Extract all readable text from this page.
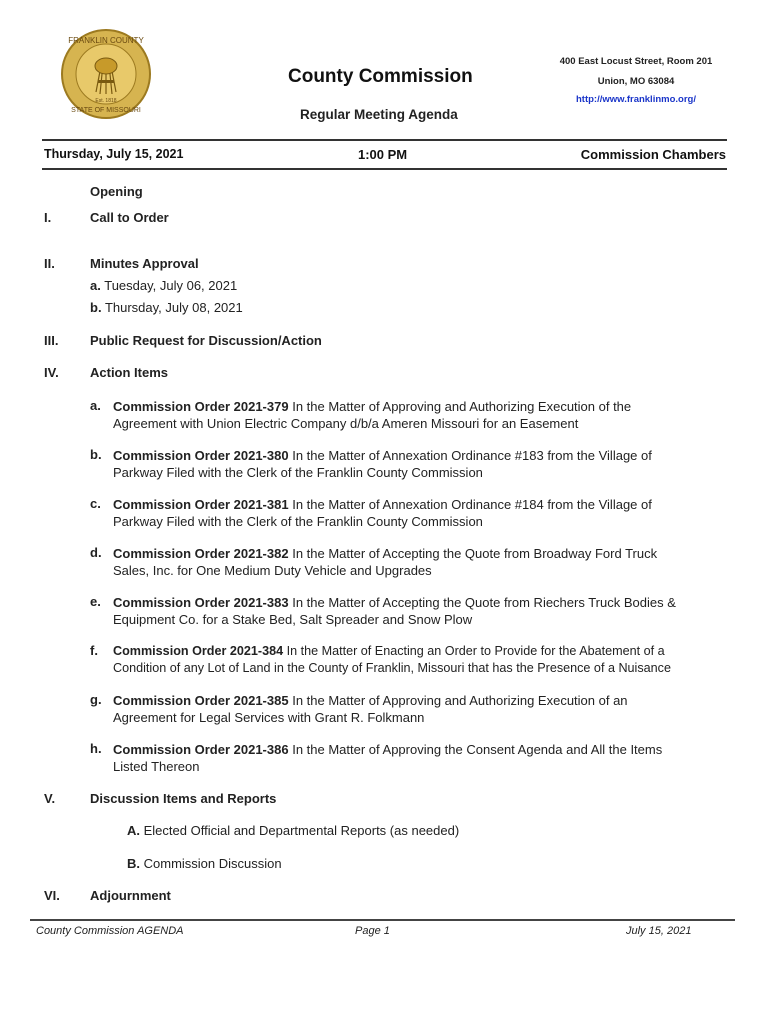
FRANKLIN COUNTY
STATE OF MISSOURI
Est. 1818
County Commission
Regular Meeting Agenda
400 East Locust Street, Room 201
Union, MO 63084
http://www.franklinmo.org/
Thursday, July 15, 2021	1:00 PM	Commission Chambers
Opening
I.	Call to Order
II.	Minutes Approval
a. Tuesday, July 06, 2021
b. Thursday, July 08, 2021
III. Public Request for Discussion/Action
IV. Action Items
a. Commission Order 2021-379 In the Matter of Approving and Authorizing Execution of the
Agreement with Union Electric Company d/b/a Ameren Missouri for an Easement
b. Commission Order 2021-380 In the Matter of Annexation Ordinance #183 from the Village of
Parkway Filed with the Clerk of the Franklin County Commission
c. Commission Order 2021-381 In the Matter of Annexation Ordinance #184 from the Village of
Parkway Filed with the Clerk of the Franklin County Commission
d. Commission Order 2021-382 In the Matter of Accepting the Quote from Broadway Ford Truck
Sales, Inc. for One Medium Duty Vehicle and Upgrades
e. Commission Order 2021-383 In the Matter of Accepting the Quote from Riechers Truck Bodies &
Equipment Co. for a Stake Bed, Salt Spreader and Snow Plow
f. Commission Order 2021-384 In the Matter of Enacting an Order to Provide for the Abatement of a
Condition of any Lot of Land in the County of Franklin, Missouri that has the Presence of a Nuisance
g. Commission Order 2021-385 In the Matter of Approving and Authorizing Execution of an
Agreement for Legal Services with Grant R. Folkmann
h. Commission Order 2021-386 In the Matter of Approving the Consent Agenda and All the Items
Listed Thereon
V.	Discussion Items and Reports
A. Elected Official and Departmental Reports (as needed)
B. Commission Discussion
VI. Adjournment
County Commission AGENDA	Page 1	July 15, 2021
